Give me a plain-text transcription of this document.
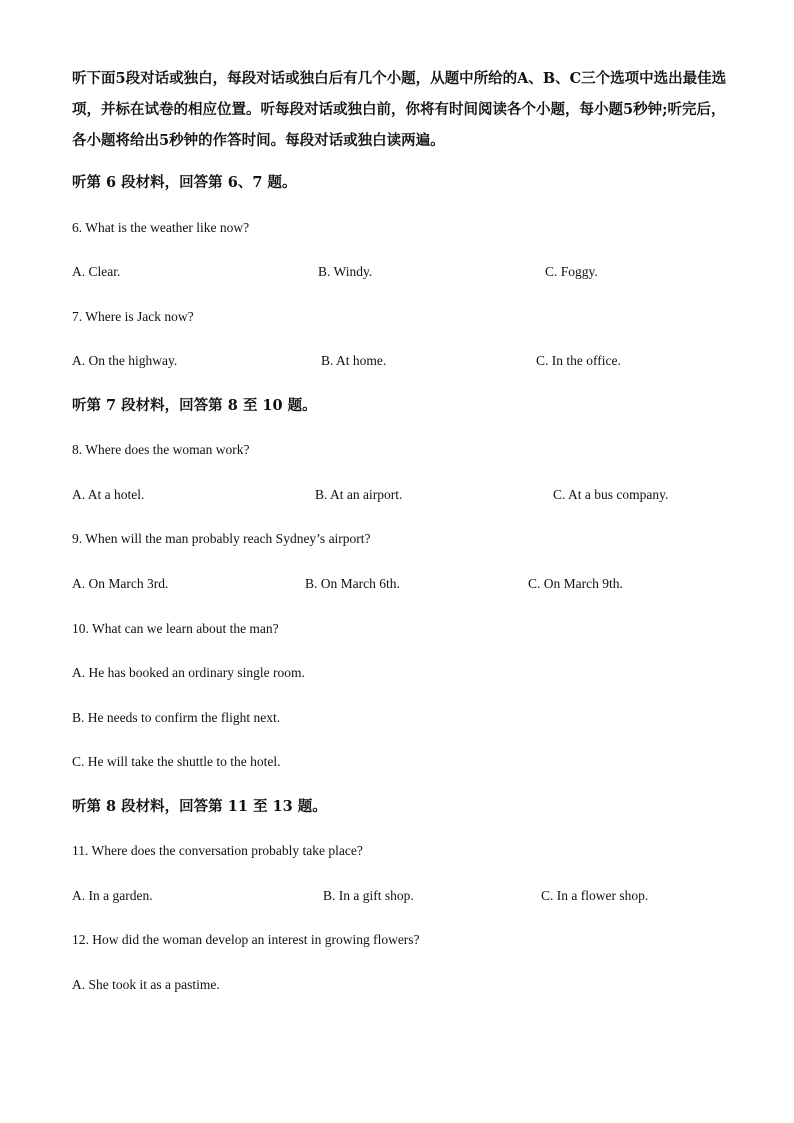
听下面5段对话或独白，每段对话或独白后有几个小题，从题中所给的A、B、C三个选项中选出最佳选项，并标在试卷的相应位置。听每段对话或独白前，你将有时间阅读各个小题，每小题5秒钟;听完后，各小题将给出5秒钟的作答时间。每段对话或独白读两遍。

听第 6 段材料，回答第 6、7 题。

6. What is the weather like now?

A. Clear.	B. Windy.	C. Foggy.

7. Where is Jack now?

A. On the highway.	B. At home.	C. In the office.

听第 7 段材料，回答第 8 至 10 题。

8. Where does the woman work?

A. At a hotel.	B. At an airport.	C. At a bus company.

9. When will the man probably reach Sydney’s airport?

A. On March 3rd.	B. On March 6th.	C. On March 9th.

10. What can we learn about the man?

A. He has booked an ordinary single room.

B. He needs to confirm the flight next.

C. He will take the shuttle to the hotel.

听第 8 段材料，回答第 11 至 13 题。

11. Where does the conversation probably take place?

A. In a garden.	B. In a gift shop.	C. In a flower shop.

12. How did the woman develop an interest in growing flowers?

A. She took it as a pastime.
